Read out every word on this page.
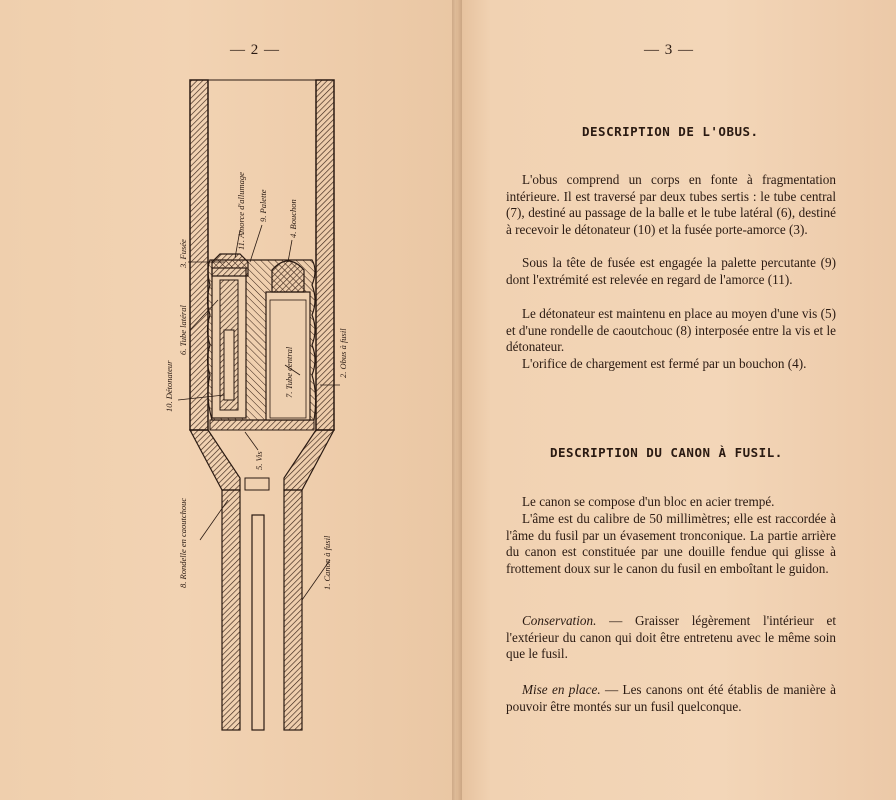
— 2 —
3. Fusée
11. Amorce d'allumage 9. Palette 4. Bouchon
6. Tube latéral
10. Détonateur	7. Tube central	2. Obus à fusil
5. Vis
8. Rondelle en caoutchouc	1. Canon à fusil
— 3 —
DESCRIPTION DE L'OBUS.
L'obus comprend un corps en fonte à fragmentation intérieure. Il est traversé par deux tubes sertis : le tube central (7), destiné au passage de la balle et le tube latéral (6), destiné à recevoir le détonateur (10) et la fusée porte-amorce (3).
Sous la tête de fusée est engagée la palette percutante (9) dont l'extrémité est relevée en regard de l'amorce (11).
Le détonateur est maintenu en place au moyen d'une vis (5) et d'une rondelle de caoutchouc (8) interposée entre la vis et le détonateur.
L'orifice de chargement est fermé par un bouchon (4).
DESCRIPTION DU CANON À FUSIL.
Le canon se compose d'un bloc en acier trempé.
L'âme est du calibre de 50 millimètres; elle est raccordée à l'âme du fusil par un évasement tronconique. La partie arrière du canon est constituée par une douille fendue qui glisse à frottement doux sur le canon du fusil en emboîtant le guidon.
Conservation. — Graisser légèrement l'intérieur et l'extérieur du canon qui doit être entretenu avec le même soin que le fusil.
Mise en place. — Les canons ont été établis de manière à pouvoir être montés sur un fusil quelconque.
